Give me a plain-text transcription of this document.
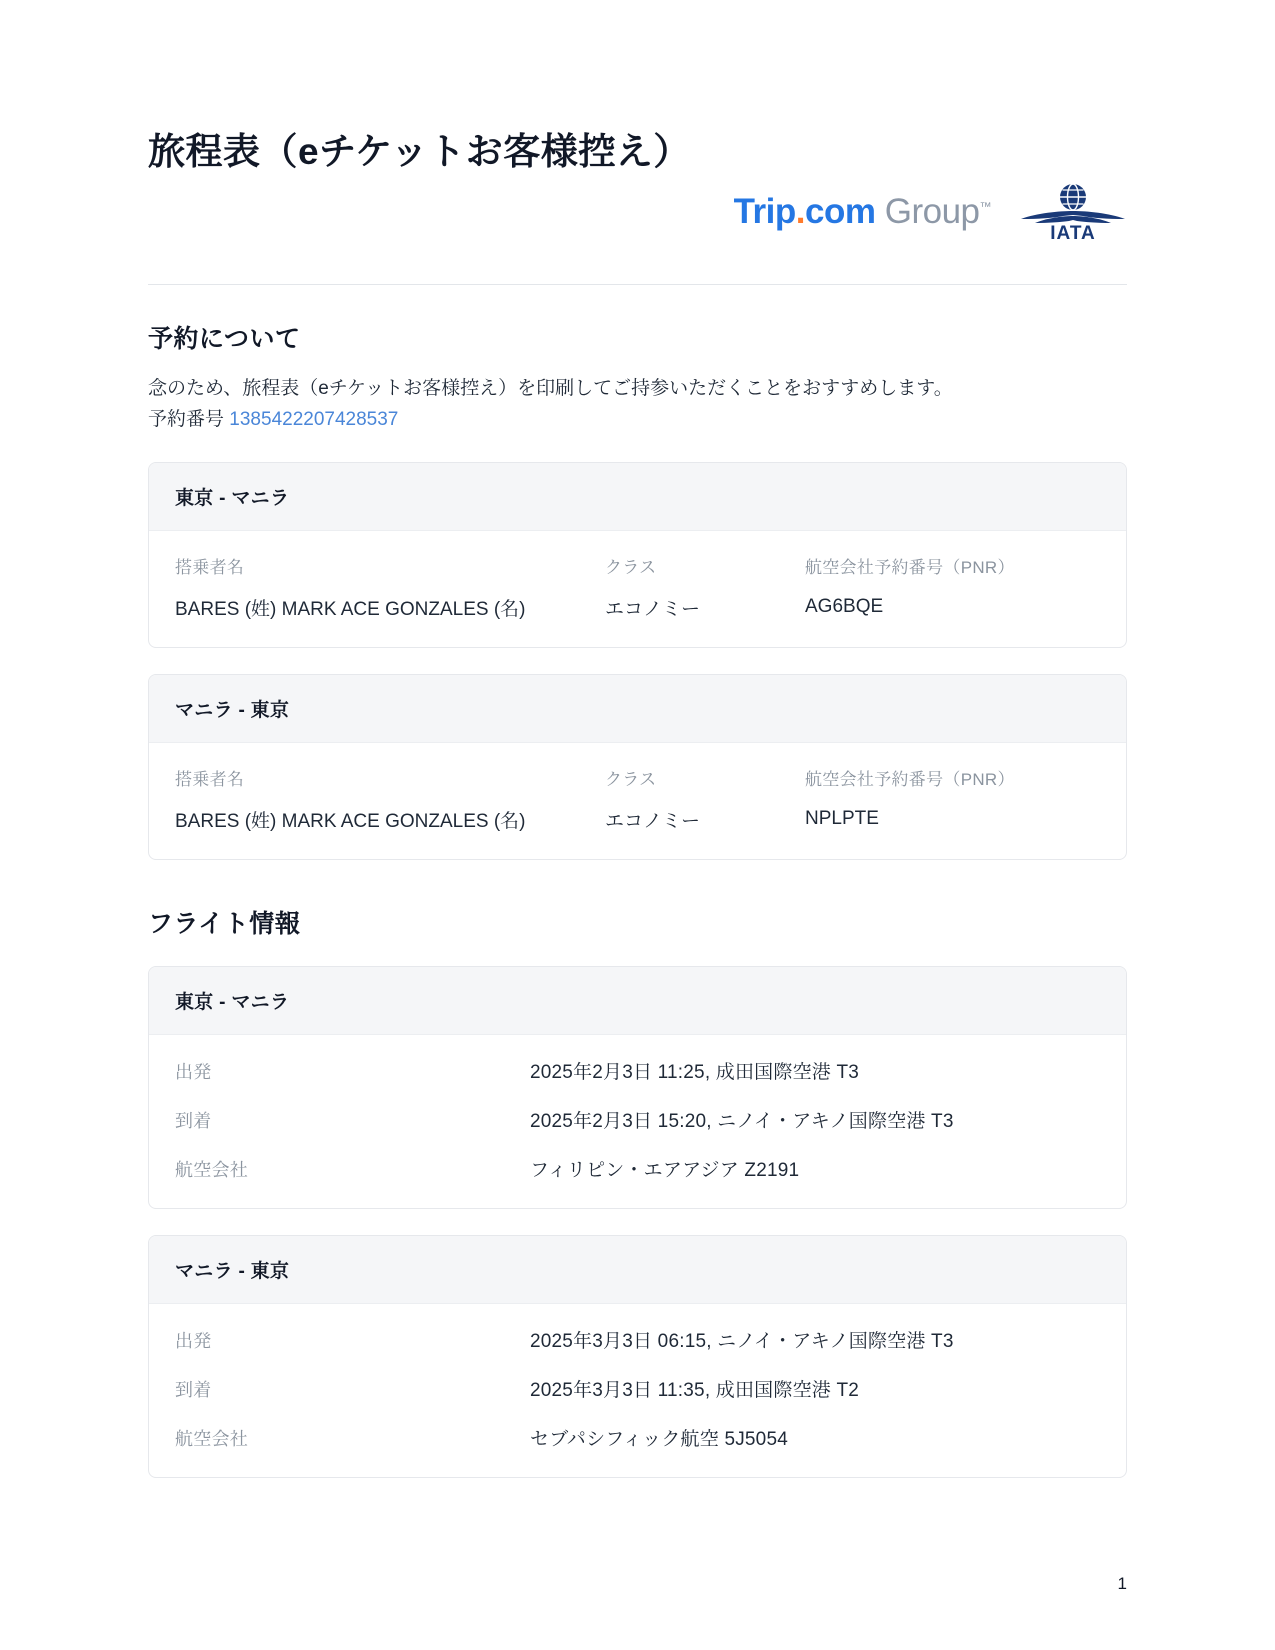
旅程表（eチケットお客様控え）
Trip.com Group™
IATA
予約について

念のため、旅程表（eチケットお客様控え）を印刷してご持参いただくことをおすすめします。

予約番号 1385422207428537

東京 - マニラ
搭乗者名	クラス	航空会社予約番号（PNR）
BARES (姓) MARK ACE GONZALES (名)	エコノミー	AG6BQE
マニラ - 東京
搭乗者名	クラス	航空会社予約番号（PNR）
BARES (姓) MARK ACE GONZALES (名)	エコノミー	NPLPTE
フライト情報
東京 - マニラ
出発	2025年2月3日 11:25, 成田国際空港 T3
到着	2025年2月3日 15:20, ニノイ・アキノ国際空港 T3
航空会社	フィリピン・エアアジア Z2191
マニラ - 東京
出発	2025年3月3日 06:15, ニノイ・アキノ国際空港 T3
到着	2025年3月3日 11:35, 成田国際空港 T2
航空会社	セブパシフィック航空 5J5054
1
